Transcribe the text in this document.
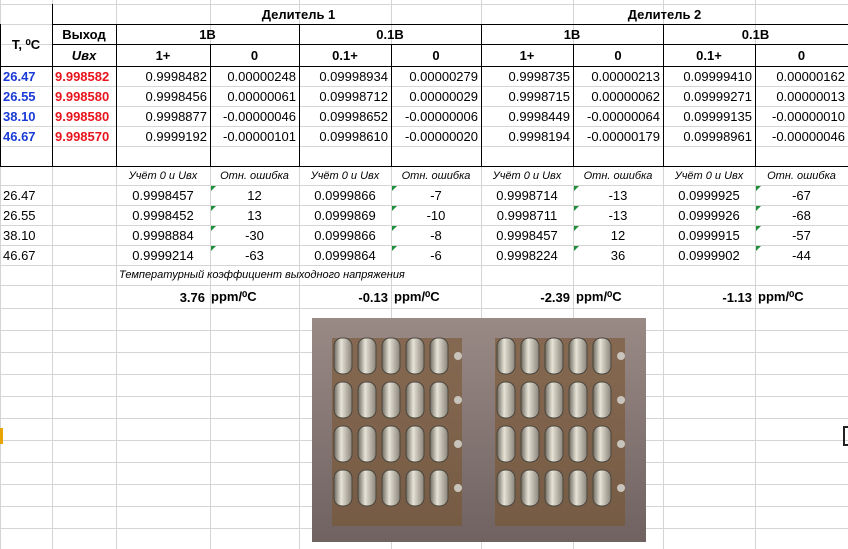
T, ⁰C
Выход
Uвх
Делитель 1	Делитель 2
1В	0.1В	1В	0.1В
1+	0	0.1+	0	1+	0	0.1+	0
26.47	9.998582	0.9998482	0.00000248	0.09998934	0.00000279	0.9998735	0.00000213	0.09999410	0.00000162
26.55	9.998580	0.9998456	0.00000061	0.09998712	0.00000029	0.9998715	0.00000062	0.09999271	0.00000013
38.10	9.998580	0.9998877	-0.00000046	0.09998652	-0.00000006	0.9998449	-0.00000064	0.09999135	-0.00000010
46.67	9.998570	0.9999192	-0.00000101	0.09998610	-0.00000020	0.9998194	-0.00000179	0.09998961	-0.00000046
Учёт 0 и Uвх	Отн. ошибка	Учёт 0 и Uвх	Отн. ошибка	Учёт 0 и Uвх	Отн. ошибка	Учёт 0 и Uвх	Отн. ошибка
26.47	0.9998457	12	0.0999866	-7	0.9998714	-13	0.0999925	-67
26.55	0.9998452	13	0.0999869	-10	0.9998711	-13	0.0999926	-68
38.10	0.9998884	-30	0.0999866	-8	0.9998457	12	0.0999915	-57
46.67	0.9999214	-63	0.0999864	-6	0.9998224	36	0.0999902	-44
Температурный коэффициент выходного напряжения
3.76 ppm/⁰C	-0.13 ppm/⁰C	-2.39 ppm/⁰C	-1.13 ppm/⁰C
